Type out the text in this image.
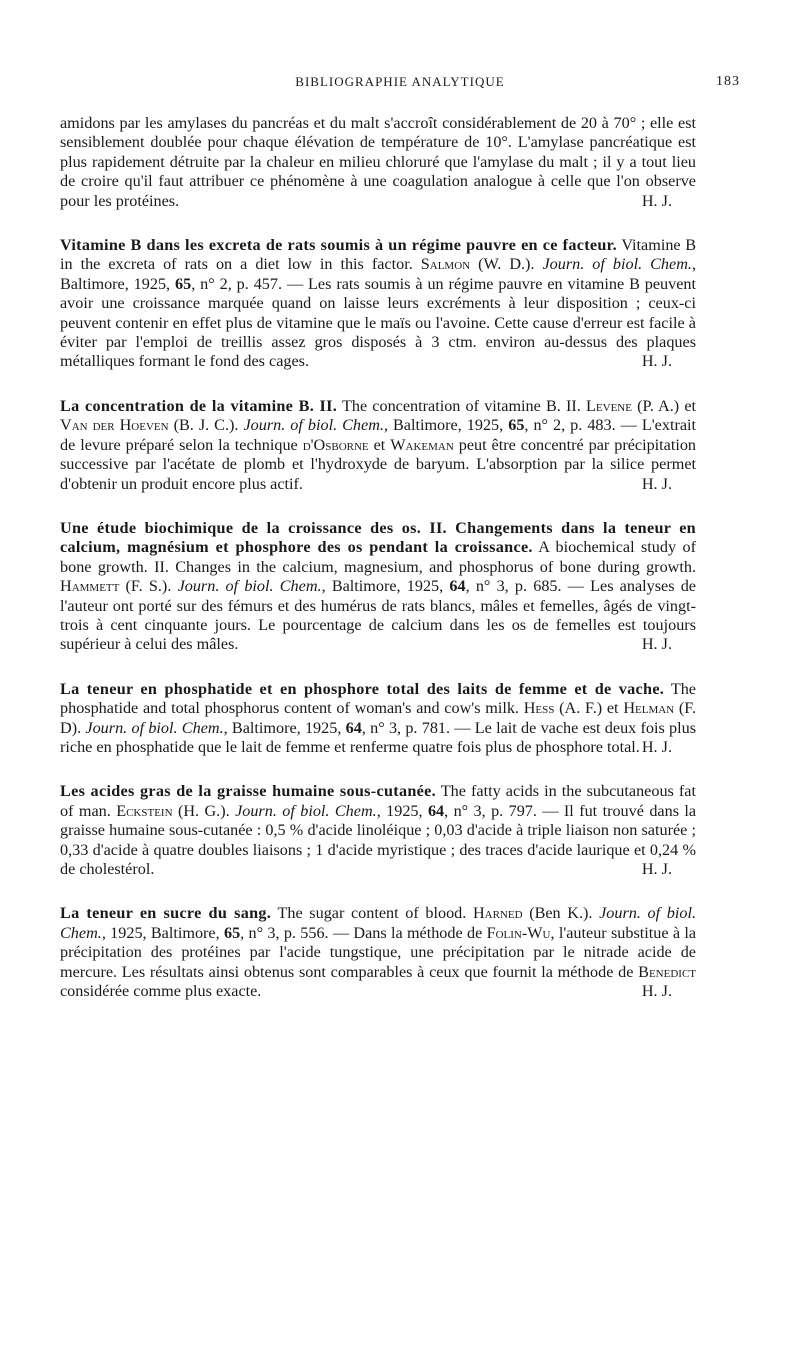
BIBLIOGRAPHIE ANALYTIQUE	183

amidons par les amylases du pancréas et du malt s'accroît considérablement de 20 à 70° ; elle est sensiblement doublée pour chaque élévation de température de 10°. L'amylase pancréatique est plus rapidement détruite par la chaleur en milieu chloruré que l'amylase du malt ; il y a tout lieu de croire qu'il faut attribuer ce phénomène à une coagulation analogue à celle que l'on observe pour les protéines.	H. J.

Vitamine B dans les excreta de rats soumis à un régime pauvre en ce facteur. Vitamine B in the excreta of rats on a diet low in this factor. Salmon (W. D.). Journ. of biol. Chem., Baltimore, 1925, 65, n° 2, p. 457. — Les rats soumis à un régime pauvre en vitamine B peuvent avoir une croissance marquée quand on laisse leurs excréments à leur disposition ; ceux-ci peuvent contenir en effet plus de vitamine que le maïs ou l'avoine. Cette cause d'erreur est facile à éviter par l'emploi de treillis assez gros disposés à 3 ctm. environ au-dessus des plaques métalliques formant le fond des cages.	H. J.

La concentration de la vitamine B. II. The concentration of vitamine B. II. Levene (P. A.) et Van der Hoeven (B. J. C.). Journ. of biol. Chem., Baltimore, 1925, 65, n° 2, p. 483. — L'extrait de levure préparé selon la technique d'Osborne et Wakeman peut être concentré par précipitation successive par l'acétate de plomb et l'hydroxyde de baryum. L'absorption par la silice permet d'obtenir un produit encore plus actif.	H. J.

Une étude biochimique de la croissance des os. II. Changements dans la teneur en calcium, magnésium et phosphore des os pendant la croissance. A biochemical study of bone growth. II. Changes in the calcium, magnesium, and phosphorus of bone during growth. Hammett (F. S.). Journ. of biol. Chem., Baltimore, 1925, 64, n° 3, p. 685. — Les analyses de l'auteur ont porté sur des fémurs et des humérus de rats blancs, mâles et femelles, âgés de vingt-trois à cent cinquante jours. Le pourcentage de calcium dans les os de femelles est toujours supérieur à celui des mâles.	H. J.

La teneur en phosphatide et en phosphore total des laits de femme et de vache. The phosphatide and total phosphorus content of woman's and cow's milk. Hess (A. F.) et Helman (F. D). Journ. of biol. Chem., Baltimore, 1925, 64, n° 3, p. 781. — Le lait de vache est deux fois plus riche en phosphatide que le lait de femme et renferme quatre fois plus de phosphore total. H. J.

Les acides gras de la graisse humaine sous-cutanée. The fatty acids in the subcutaneous fat of man. Eckstein (H. G.). Journ. of biol. Chem., 1925, 64, n° 3, p. 797. — Il fut trouvé dans la graisse humaine sous-cutanée : 0,5 % d'acide linoléique ; 0,03 d'acide à triple liaison non saturée ; 0,33 d'acide à quatre doubles liaisons ; 1 d'acide myristique ; des traces d'acide laurique et 0,24 % de cholestérol.	H. J.

La teneur en sucre du sang. The sugar content of blood. Harned (Ben K.). Journ. of biol. Chem., 1925, Baltimore, 65, n° 3, p. 556. — Dans la méthode de Folin-Wu, l'auteur substitue à la précipitation des protéines par l'acide tungstique, une précipitation par le nitrade acide de mercure. Les résultats ainsi obtenus sont comparables à ceux que fournit la méthode de Benedict considérée comme plus exacte.	H. J.
